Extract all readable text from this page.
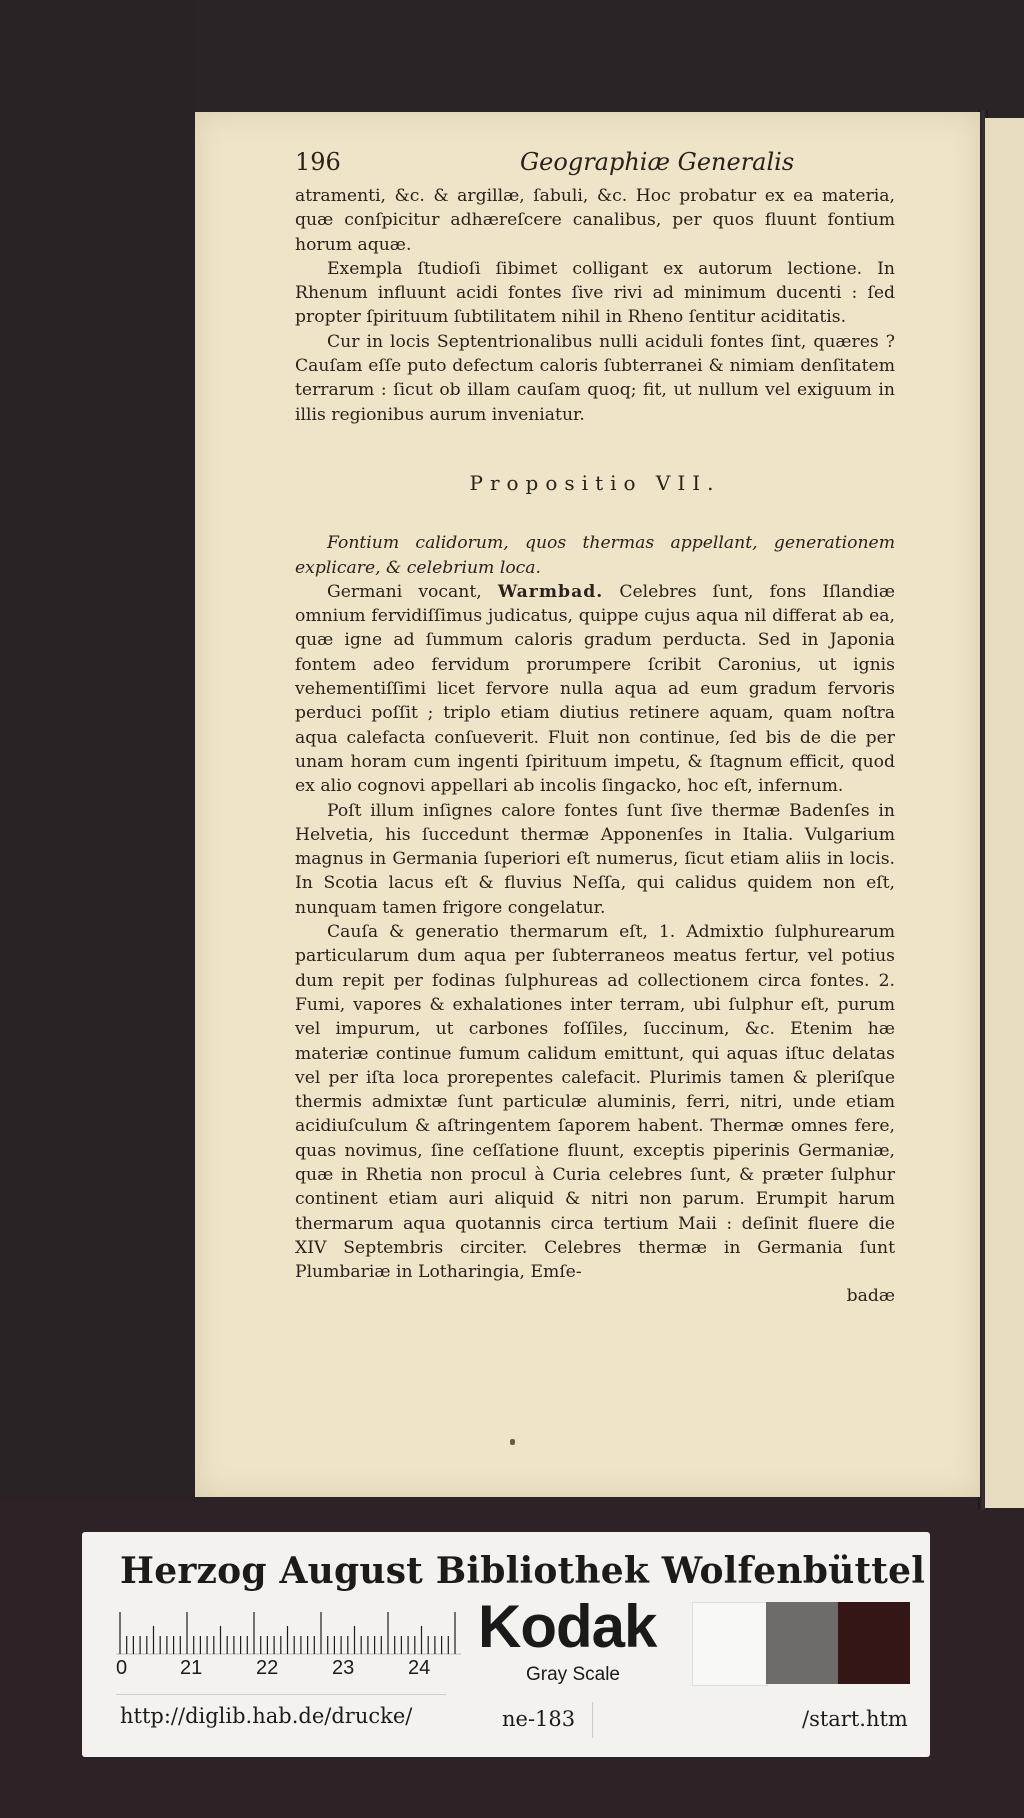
196	Geographiæ Generalis

atramenti, &c. & argillæ, ſabuli, &c. Hoc probatur ex ea materia, quæ conſpicitur adhæreſcere canalibus, per quos fluunt fontium horum aquæ.

Exempla ſtudioſi ſibimet colligant ex autorum lectione. In Rhenum influunt acidi fontes ſive rivi ad minimum ducenti : ſed propter ſpirituum ſubtilitatem nihil in Rheno ſentitur aciditatis.

Cur in locis Septentrionalibus nulli aciduli fontes ſint, quæres ? Cauſam eſſe puto defectum caloris ſubterranei & nimiam denſitatem terrarum : ſicut ob illam cauſam quoq; fit, ut nullum vel exiguum in illis regionibus aurum inveniatur.

Propositio VII.

Fontium calidorum, quos thermas appellant, generationem explicare, & celebrium loca.

Germani vocant, Warmbad. Celebres ſunt, fons Iſlandiæ omnium fervidiſſimus judicatus, quippe cujus aqua nil differat ab ea, quæ igne ad ſummum caloris gradum perducta. Sed in Japonia fontem adeo fervidum prorumpere ſcribit Caronius, ut ignis vehementiſſimi licet fervore nulla aqua ad eum gradum fervoris perduci poſſit ; triplo etiam diutius retinere aquam, quam noſtra aqua calefacta conſueverit. Fluit non continue, ſed bis de die per unam horam cum ingenti ſpirituum impetu, & ſtagnum efficit, quod ex alio cognovi appellari ab incolis ſingacko, hoc eſt, infernum.

Poſt illum inſignes calore fontes ſunt ſive thermæ Badenſes in Helvetia, his ſuccedunt thermæ Apponenſes in Italia. Vulgarium magnus in Germania ſuperiori eſt numerus, ſicut etiam aliis in locis. In Scotia lacus eſt & fluvius Neſſa, qui calidus quidem non eſt, nunquam tamen frigore congelatur.

Cauſa & generatio thermarum eſt, 1. Admixtio ſulphurearum particularum dum aqua per ſubterraneos meatus fertur, vel potius dum repit per fodinas ſulphureas ad collectionem circa fontes. 2. Fumi, vapores & exhalationes inter terram, ubi ſulphur eſt, purum vel impurum, ut carbones foſſiles, ſuccinum, &c. Etenim hæ materiæ continue fumum calidum emittunt, qui aquas iſtuc delatas vel per iſta loca prorepentes calefacit. Plurimis tamen & pleriſque thermis admixtæ ſunt particulæ aluminis, ferri, nitri, unde etiam acidiuſculum & aſtringentem ſaporem habent. Thermæ omnes fere, quas novimus, ſine ceſſatione fluunt, exceptis piperinis Germaniæ, quæ in Rhetia non procul à Curia celebres ſunt, & præter ſulphur continent etiam auri aliquid & nitri non parum. Erumpit harum thermarum aqua quotannis circa tertium Maii : deſinit fluere die XIV Septembris circiter. Celebres thermæ in Germania ſunt Plumbariæ in Lotharingia, Emſe-

badæ

Herzog August Bibliothek Wolfenbüttel
0	21	22	23	24
Kodak
Gray Scale
http://diglib.hab.de/drucke/	ne-183	/start.htm
